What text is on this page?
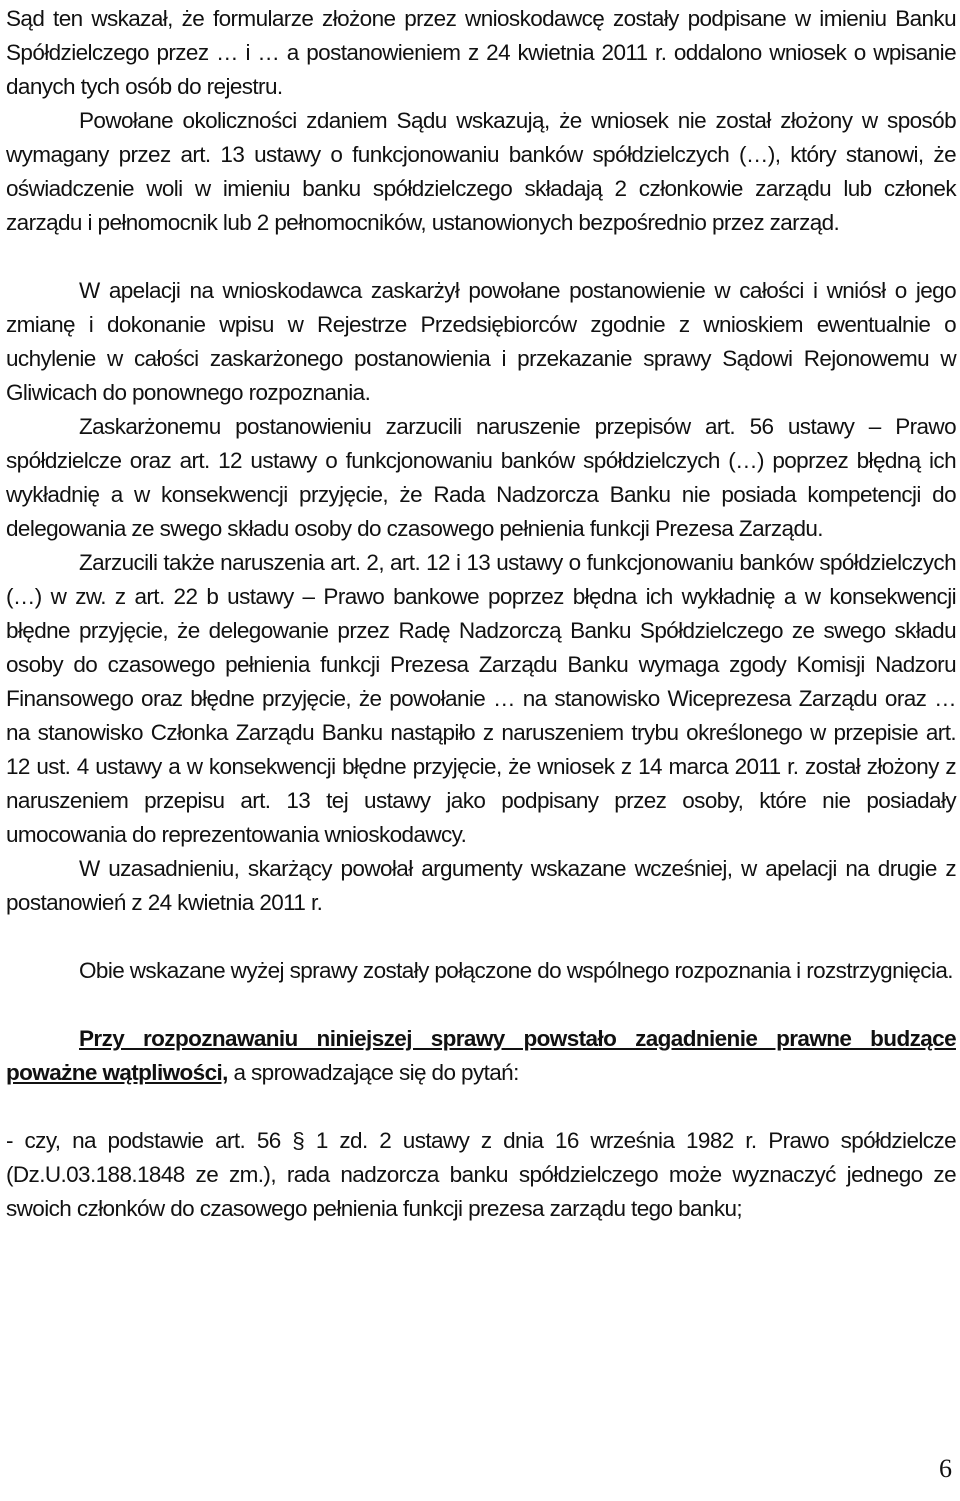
Sąd ten wskazał, że formularze złożone przez wnioskodawcę zostały podpisane w imieniu Banku Spółdzielczego przez … i … a postanowieniem z 24 kwietnia 2011 r. oddalono wniosek o wpisanie danych tych osób do rejestru.

Powołane okoliczności zdaniem Sądu wskazują, że wniosek nie został złożony w sposób wymagany przez art. 13 ustawy o funkcjonowaniu banków spółdzielczych (…), który stanowi, że oświadczenie woli w imieniu banku spółdzielczego składają 2 członkowie zarządu lub członek zarządu i pełnomocnik lub 2 pełnomocników, ustanowionych bezpośrednio przez zarząd.

W apelacji na wnioskodawca zaskarżył powołane postanowienie w całości i wniósł o jego zmianę i dokonanie wpisu w Rejestrze Przedsiębiorców zgodnie z wnioskiem ewentualnie o uchylenie w całości zaskarżonego postanowienia i przekazanie sprawy Sądowi Rejonowemu w Gliwicach do ponownego rozpoznania.

Zaskarżonemu postanowieniu zarzucili naruszenie przepisów art. 56 ustawy – Prawo spółdzielcze oraz art. 12 ustawy o funkcjonowaniu banków spółdzielczych (…) poprzez błędną ich wykładnię a w konsekwencji przyjęcie, że Rada Nadzorcza Banku nie posiada kompetencji do delegowania ze swego składu osoby do czasowego pełnienia funkcji Prezesa Zarządu.

Zarzucili także naruszenia art. 2, art. 12 i 13 ustawy o funkcjonowaniu banków spółdzielczych (…) w zw. z art. 22 b ustawy – Prawo bankowe poprzez błędna ich wykładnię a w konsekwencji błędne przyjęcie, że delegowanie przez Radę Nadzorczą Banku Spółdzielczego ze swego składu osoby do czasowego pełnienia funkcji Prezesa Zarządu Banku wymaga zgody Komisji Nadzoru Finansowego oraz błędne przyjęcie, że powołanie … na stanowisko Wiceprezesa Zarządu oraz … na stanowisko Członka Zarządu Banku nastąpiło z naruszeniem trybu określonego w przepisie art. 12 ust. 4 ustawy a w konsekwencji błędne przyjęcie, że wniosek z 14 marca 2011 r. został złożony z naruszeniem przepisu art. 13 tej ustawy jako podpisany przez osoby, które nie posiadały umocowania do reprezentowania wnioskodawcy.

W uzasadnieniu, skarżący powołał argumenty wskazane wcześniej, w apelacji na drugie z postanowień z 24 kwietnia 2011 r.

Obie wskazane wyżej sprawy zostały połączone do wspólnego rozpoznania i rozstrzygnięcia.

Przy rozpoznawaniu niniejszej sprawy powstało zagadnienie prawne budzące poważne wątpliwości, a sprowadzające się do pytań:

- czy, na podstawie art. 56 § 1 zd. 2 ustawy z dnia 16 września 1982 r. Prawo spółdzielcze (Dz.U.03.188.1848 ze zm.), rada nadzorcza banku spółdzielczego może wyznaczyć jednego ze swoich członków do czasowego pełnienia funkcji prezesa zarządu tego banku;

6
